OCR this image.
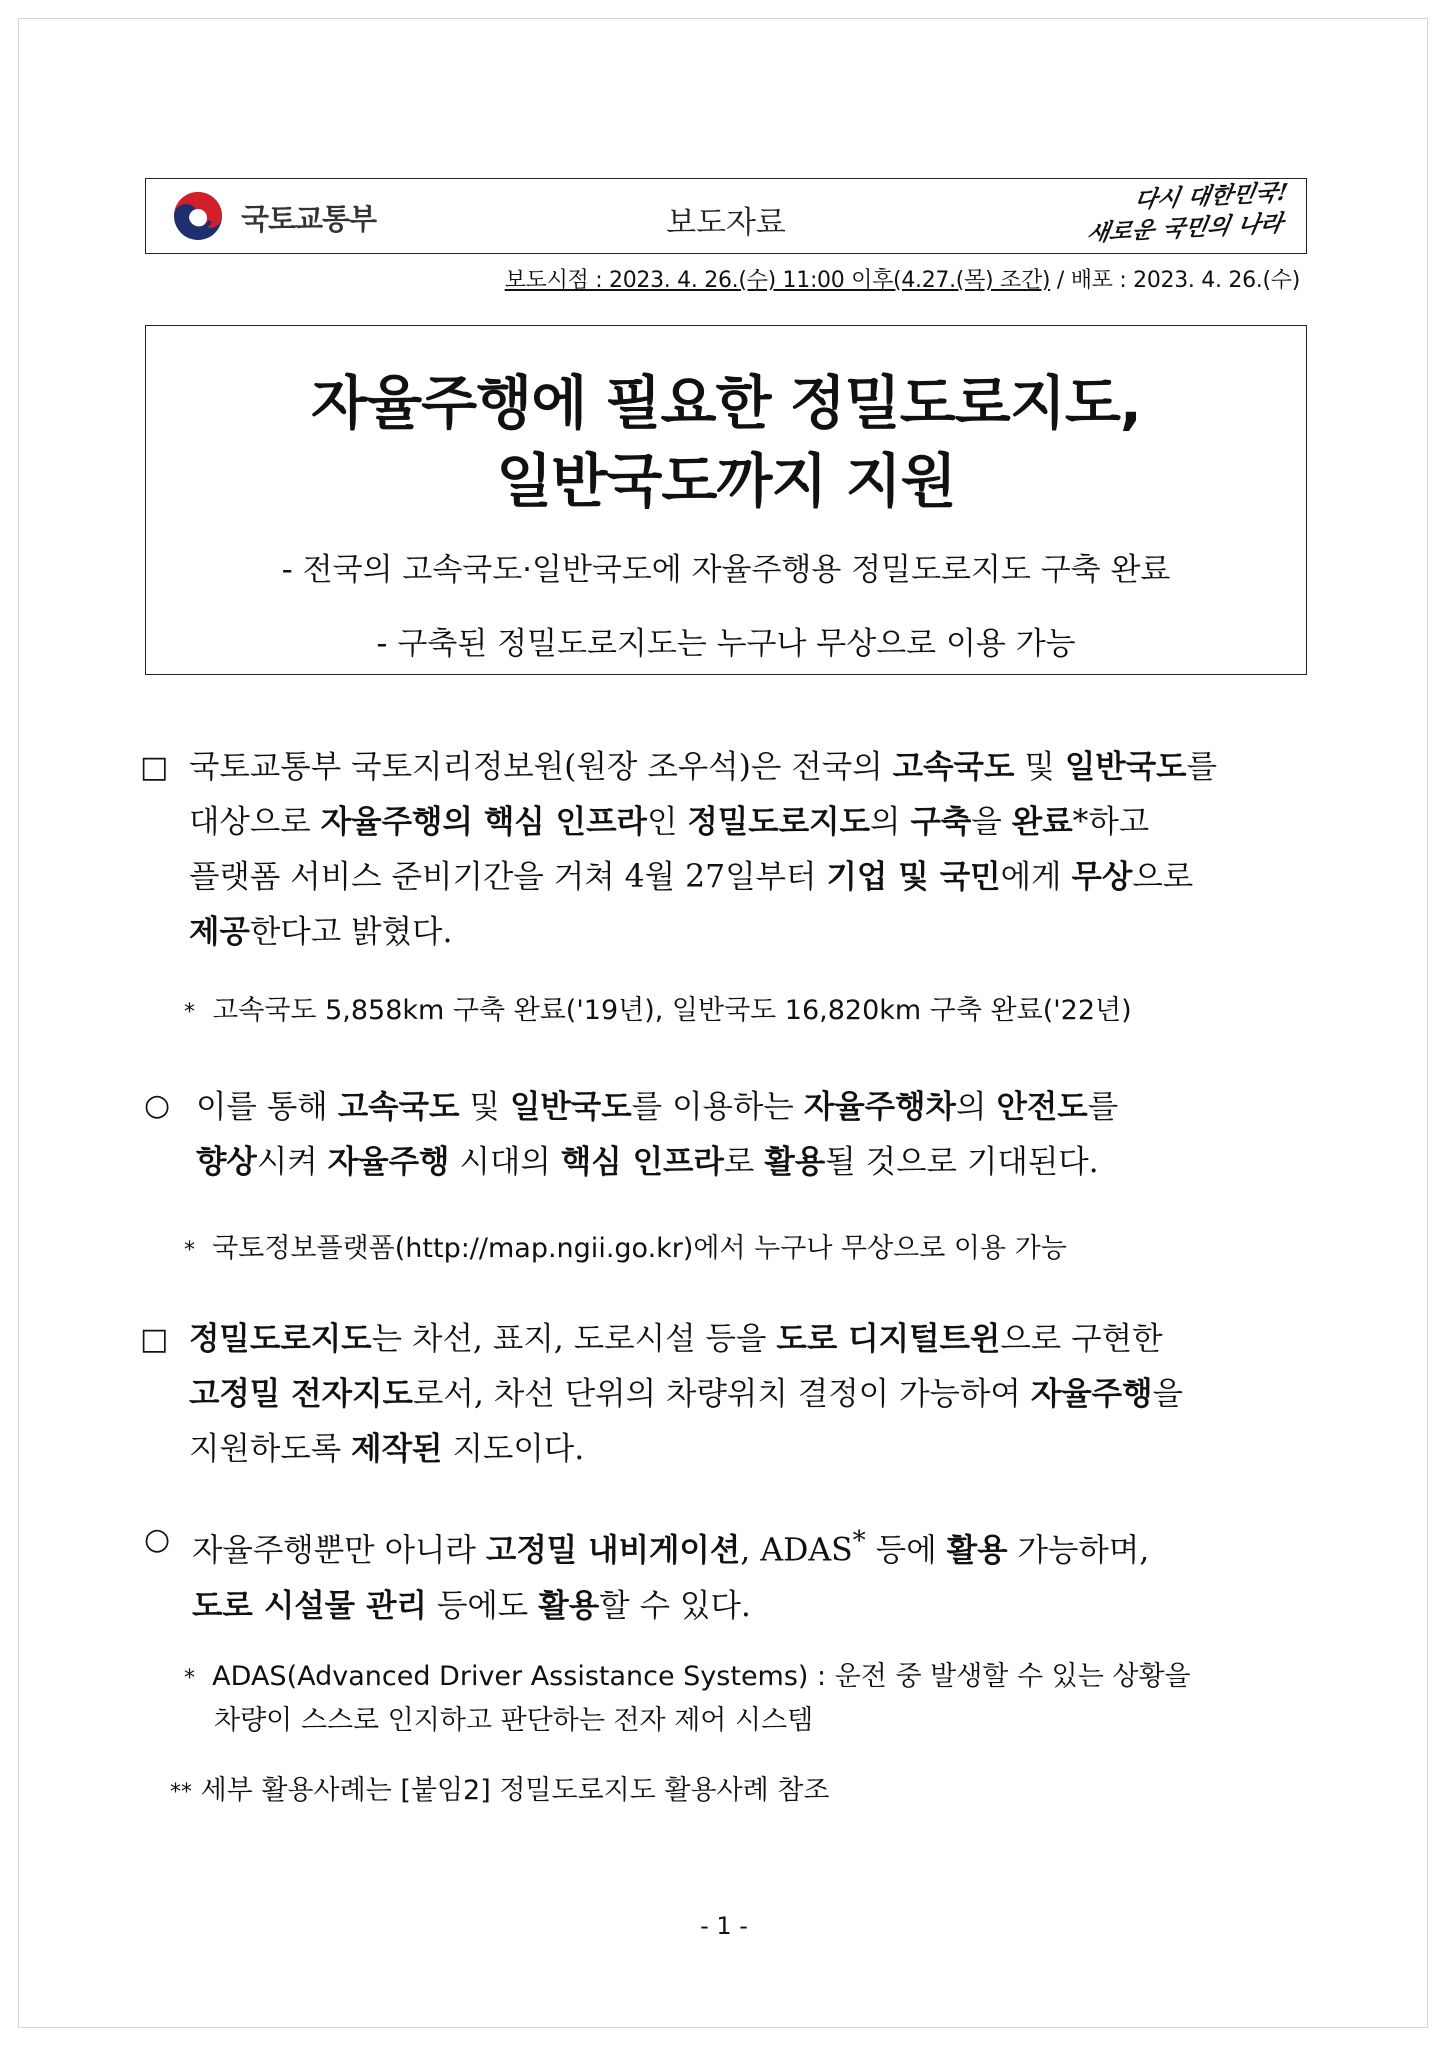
국토교통부	보도자료
다시 대한민국!
새로운 국민의 나라
보도시점 : 2023. 4. 26.(수) 11:00 이후(4.27.(목) 조간) / 배포 : 2023. 4. 26.(수)
자율주행에 필요한 정밀도로지도,
일반국도까지 지원
- 전국의 고속국도·일반국도에 자율주행용 정밀도로지도 구축 완료
- 구축된 정밀도로지도는 누구나 무상으로 이용 가능
□ 국토교통부 국토지리정보원(원장 조우석)은 전국의 고속국도 및 일반국도를
대상으로 자율주행의 핵심 인프라인 정밀도로지도의 구축을 완료*하고
플랫폼 서비스 준비기간을 거쳐 4월 27일부터 기업 및 국민에게 무상으로
제공한다고 밝혔다.
* 고속국도 5,858km 구축 완료('19년), 일반국도 16,820km 구축 완료('22년)
○ 이를 통해 고속국도 및 일반국도를 이용하는 자율주행차의 안전도를
향상시켜 자율주행 시대의 핵심 인프라로 활용될 것으로 기대된다.
* 국토정보플랫폼(http://map.ngii.go.kr)에서 누구나 무상으로 이용 가능
□ 정밀도로지도는 차선, 표지, 도로시설 등을 도로 디지털트윈으로 구현한
고정밀 전자지도로서, 차선 단위의 차량위치 결정이 가능하여 자율주행을
지원하도록 제작된 지도이다.
○ 자율주행뿐만 아니라 고정밀 내비게이션, ADAS* 등에 활용 가능하며,
도로 시설물 관리 등에도 활용할 수 있다.
* ADAS(Advanced Driver Assistance Systems) : 운전 중 발생할 수 있는 상황을
차량이 스스로 인지하고 판단하는 전자 제어 시스템
** 세부 활용사례는 [붙임2] 정밀도로지도 활용사례 참조
- 1 -
